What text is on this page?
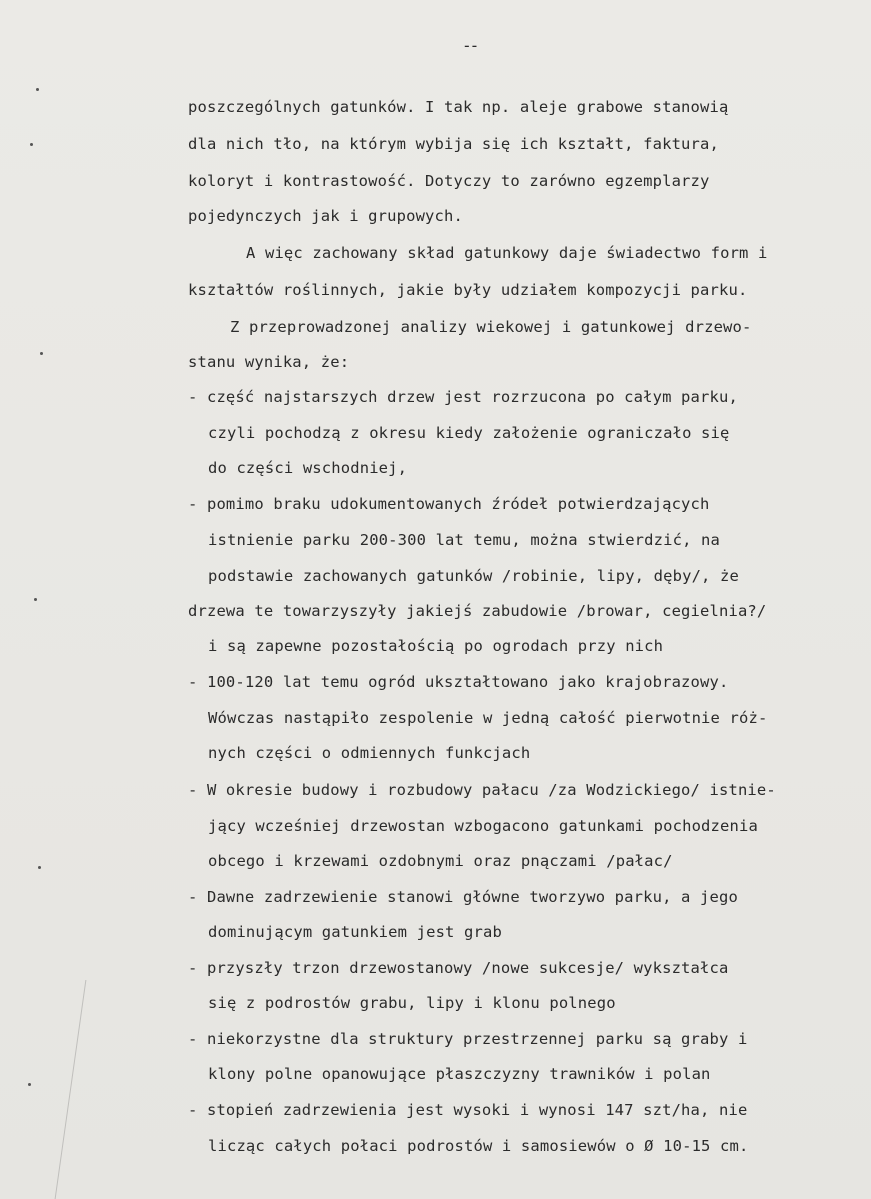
--
poszczególnych gatunków. I tak np. aleje grabowe stanowią
dla nich tło, na którym wybija się ich kształt, faktura,
koloryt i kontrastowość. Dotyczy to zarówno egzemplarzy
pojedynczych jak i grupowych.
A więc zachowany skład gatunkowy daje świadectwo form i
kształtów roślinnych, jakie były udziałem kompozycji parku.
Z przeprowadzonej analizy wiekowej i gatunkowej drzewo-
stanu wynika, że:
- część najstarszych drzew jest rozrzucona po całym parku,
czyli pochodzą z okresu kiedy założenie ograniczało się
do części wschodniej,
- pomimo braku udokumentowanych źródeł potwierdzających
istnienie parku 200-300 lat temu, można stwierdzić, na
podstawie zachowanych gatunków /robinie, lipy, dęby/, że
drzewa te towarzyszyły jakiejś zabudowie /browar, cegielnia?/
i są zapewne pozostałością po ogrodach przy nich
- 100-120 lat temu ogród ukształtowano jako krajobrazowy.
Wówczas nastąpiło zespolenie w jedną całość pierwotnie róż-
nych części o odmiennych funkcjach
- W okresie budowy i rozbudowy pałacu /za Wodzickiego/ istnie-
jący wcześniej drzewostan wzbogacono gatunkami pochodzenia
obcego i krzewami ozdobnymi oraz pnączami /pałac/
- Dawne zadrzewienie stanowi główne tworzywo parku, a jego
dominującym gatunkiem jest grab
- przyszły trzon drzewostanowy /nowe sukcesje/ wykształca
się z podrostów grabu, lipy i klonu polnego
- niekorzystne dla struktury przestrzennej parku są graby i
klony polne opanowujące płaszczyzny trawników i polan
- stopień zadrzewienia jest wysoki i wynosi 147 szt/ha, nie
licząc całych połaci podrostów i samosiewów o Ø 10-15 cm.
